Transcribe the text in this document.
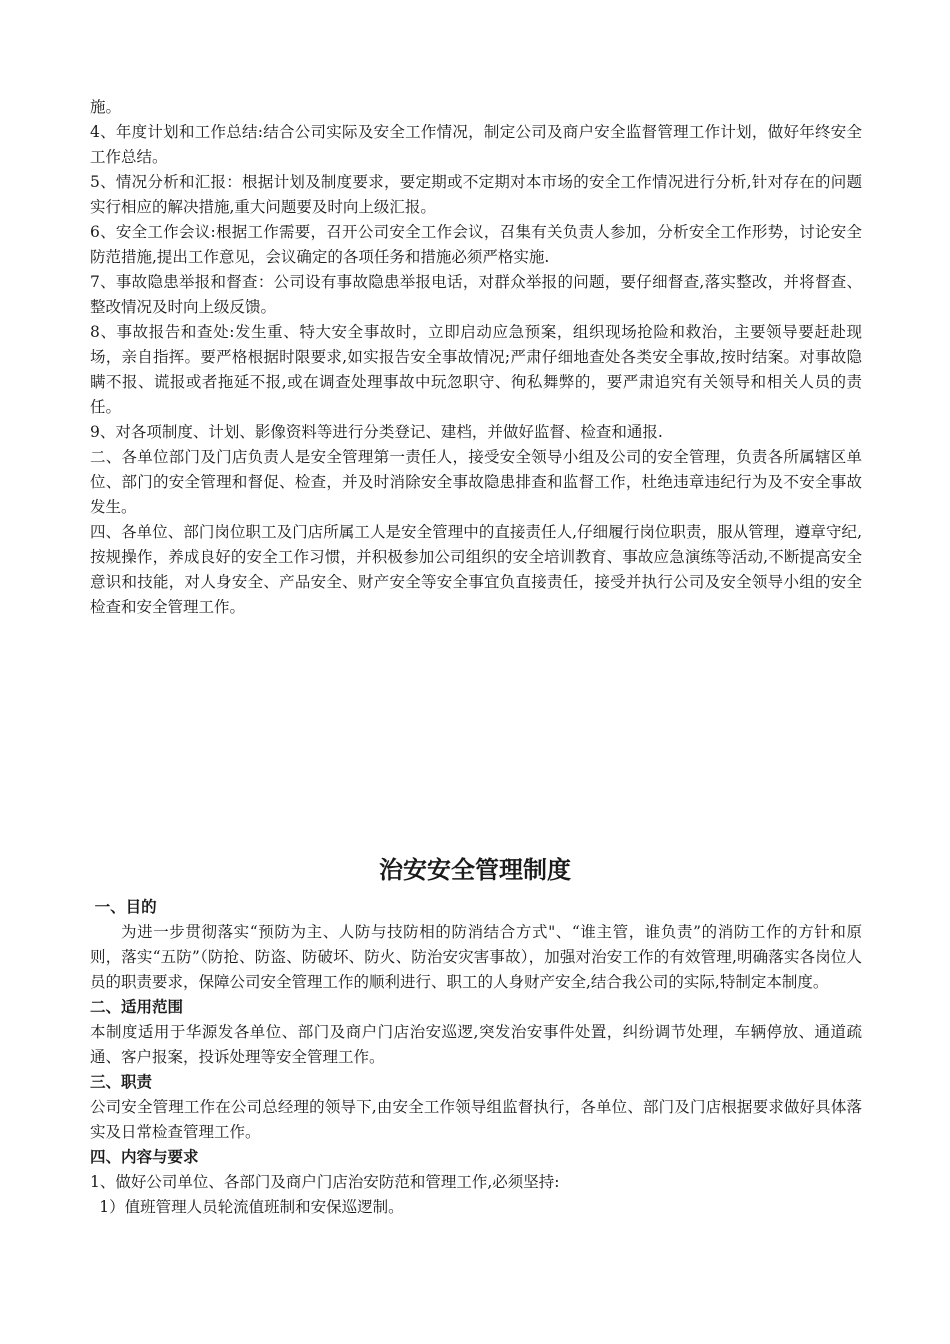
施。

4、年度计划和工作总结:结合公司实际及安全工作情况，制定公司及商户安全监督管理工作计划，做好年终安全工作总结。

5、情况分析和汇报：根据计划及制度要求，要定期或不定期对本市场的安全工作情况进行分析,针对存在的问题实行相应的解决措施,重大问题要及时向上级汇报。

6、安全工作会议:根据工作需要，召开公司安全工作会议，召集有关负责人参加，分析安全工作形势，讨论安全防范措施,提出工作意见，会议确定的各项任务和措施必须严格实施.

7、事故隐患举报和督查：公司设有事故隐患举报电话，对群众举报的问题，要仔细督查,落实整改，并将督查、整改情况及时向上级反馈。

8、事故报告和查处:发生重、特大安全事故时，立即启动应急预案，组织现场抢险和救治，主要领导要赶赴现场，亲自指挥。要严格根据时限要求,如实报告安全事故情况;严肃仔细地查处各类安全事故,按时结案。对事故隐瞒不报、谎报或者拖延不报,或在调查处理事故中玩忽职守、徇私舞弊的，要严肃追究有关领导和相关人员的责任。

9、对各项制度、计划、影像资料等进行分类登记、建档，并做好监督、检查和通报.

二、各单位部门及门店负责人是安全管理第一责任人，接受安全领导小组及公司的安全管理，负责各所属辖区单位、部门的安全管理和督促、检查，并及时消除安全事故隐患排查和监督工作，杜绝违章违纪行为及不安全事故发生。

四、各单位、部门岗位职工及门店所属工人是安全管理中的直接责任人,仔细履行岗位职责，服从管理，遵章守纪,按规操作，养成良好的安全工作习惯，并积极参加公司组织的安全培训教育、事故应急演练等活动,不断提高安全意识和技能，对人身安全、产品安全、财产安全等安全事宜负直接责任，接受并执行公司及安全领导小组的安全检查和安全管理工作。

治安安全管理制度

一、目的

为进一步贯彻落实“预防为主、人防与技防相的防消结合方式"、“谁主管，谁负责”的消防工作的方针和原则，落实“五防”（防抢、防盗、防破坏、防火、防治安灾害事故），加强对治安工作的有效管理,明确落实各岗位人员的职责要求，保障公司安全管理工作的顺利进行、职工的人身财产安全,结合我公司的实际,特制定本制度。

二、适用范围

本制度适用于华源发各单位、部门及商户门店治安巡逻,突发治安事件处置，纠纷调节处理，车辆停放、通道疏通、客户报案，投诉处理等安全管理工作。

三、职责

公司安全管理工作在公司总经理的领导下,由安全工作领导组监督执行，各单位、部门及门店根据要求做好具体落实及日常检查管理工作。

四、内容与要求

1、做好公司单位、各部门及商户门店治安防范和管理工作,必须坚持:

1）值班管理人员轮流值班制和安保巡逻制。
